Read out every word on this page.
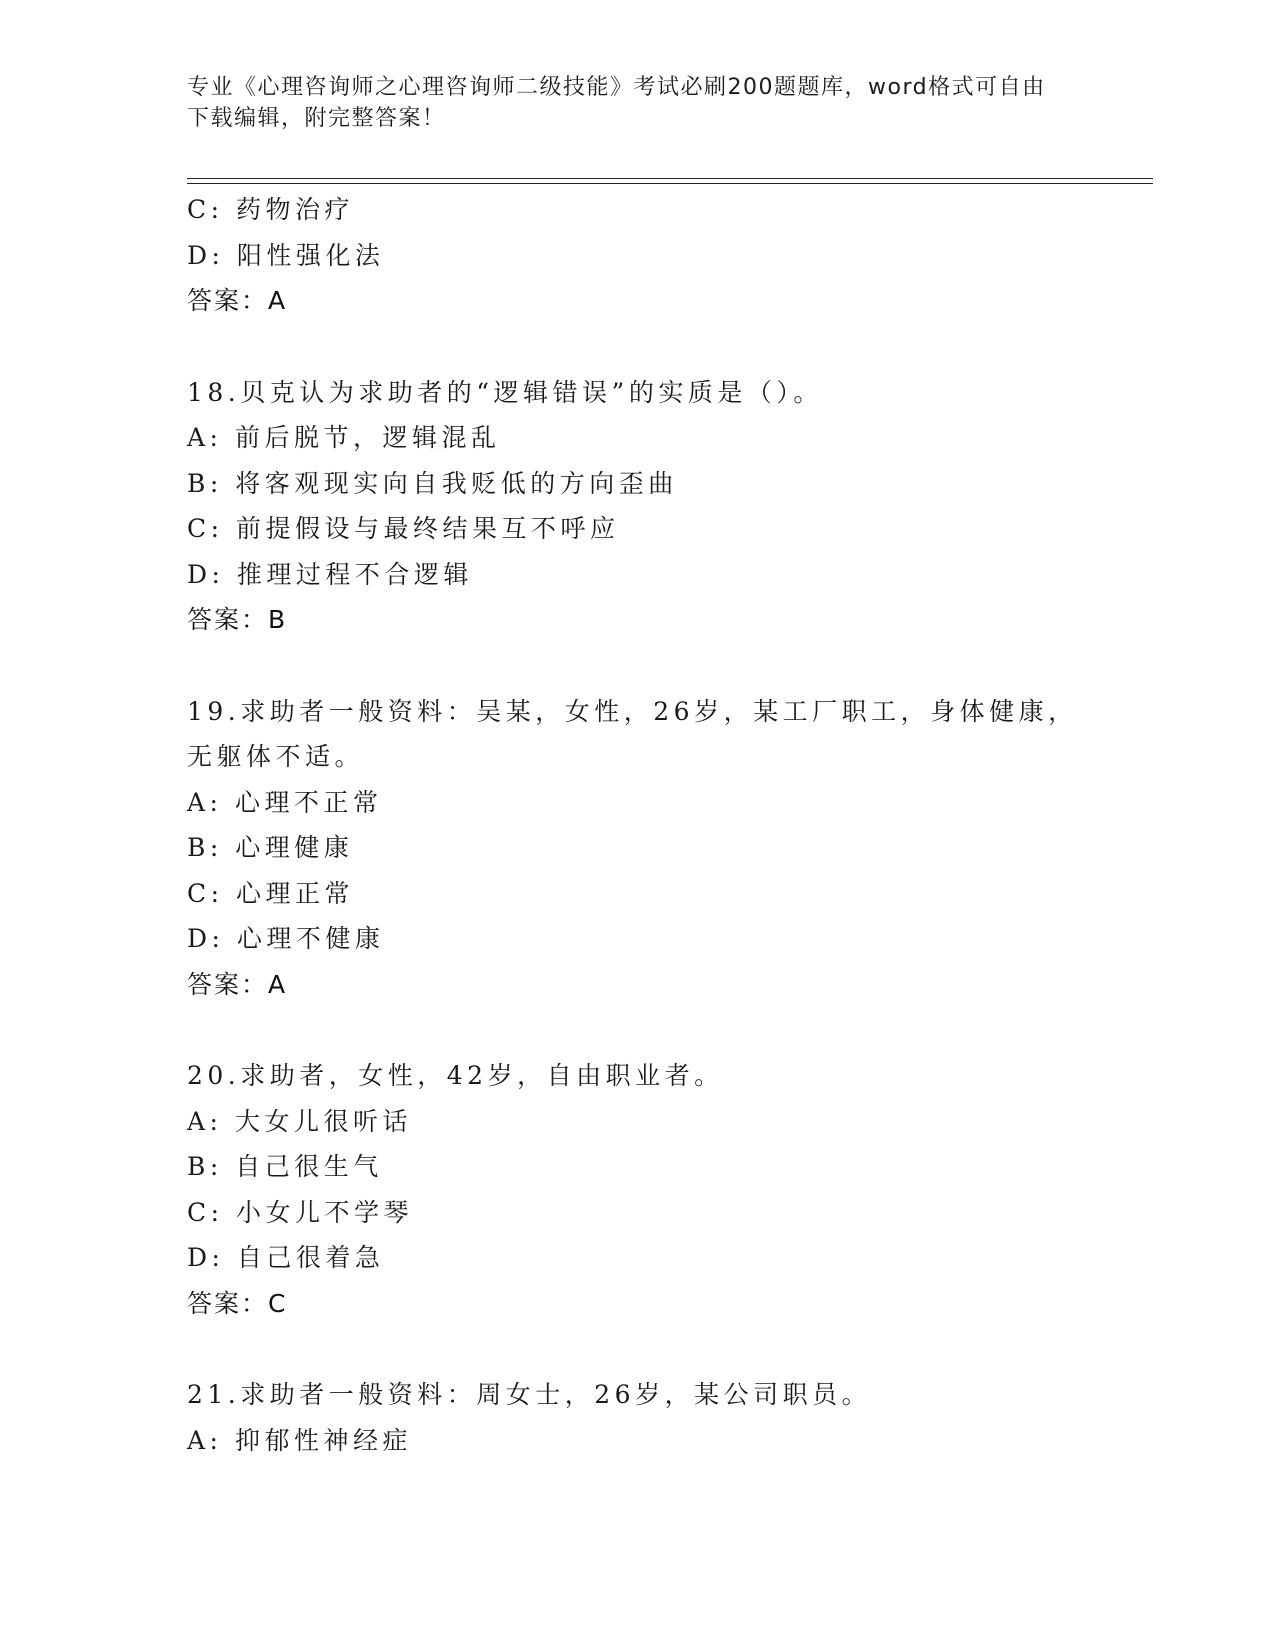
专业《心理咨询师之心理咨询师二级技能》考试必刷200题题库，word格式可自由下载编辑，附完整答案！
C: 药物治疗
D: 阳性强化法
答案：A
18.贝克认为求助者的“逻辑错误”的实质是（）。
A: 前后脱节，逻辑混乱
B: 将客观现实向自我贬低的方向歪曲
C: 前提假设与最终结果互不呼应
D: 推理过程不合逻辑
答案：B
19.求助者一般资料：吴某，女性，26岁，某工厂职工，身体健康，无躯体不适。
A: 心理不正常
B: 心理健康
C: 心理正常
D: 心理不健康
答案：A
20.求助者，女性，42岁，自由职业者。
A: 大女儿很听话
B: 自己很生气
C: 小女儿不学琴
D: 自己很着急
答案：C
21.求助者一般资料：周女士，26岁，某公司职员。
A: 抑郁性神经症
